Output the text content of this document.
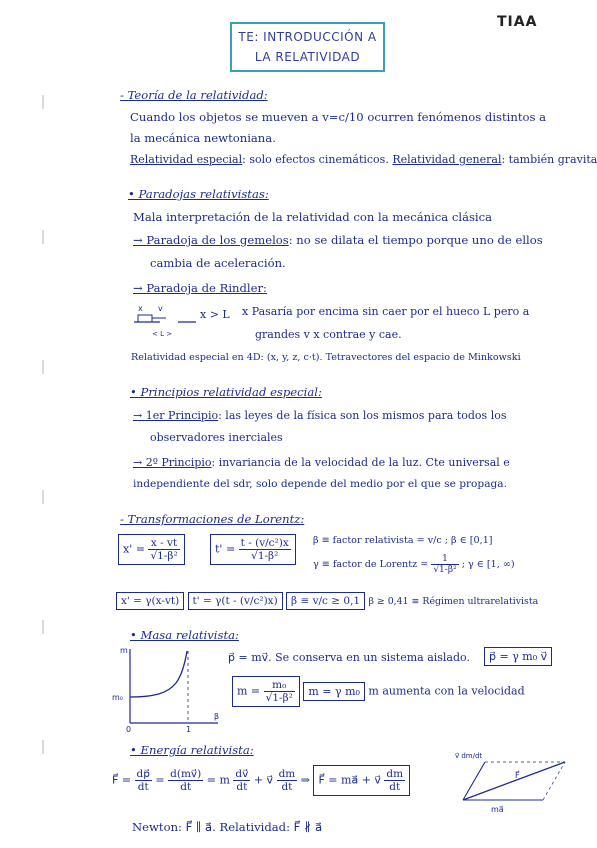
TE: INTRODUCCIÓN A
LA RELATIVIDAD
TIAA
- Teoría de la relatividad:
Cuando los objetos se mueven a v=c/10 ocurren fenómenos distintos a
la mecánica newtoniana.
Relatividad especial: solo efectos cinemáticos. Relatividad general: también gravita
• Paradojas relativistas:
Mala interpretación de la relatividad con la mecánica clásica
→ Paradoja de los gemelos: no se dilata el tiempo porque uno de ellos
cambia de aceleración.
→ Paradoja de Rindler:
x v
< L >
x > L x Pasaría por encima sin caer por el hueco L pero a
grandes v x contrae y cae.
Relatividad especial en 4D: (x, y, z, c·t). Tetravectores del espacio de Minkowski
• Principios relatividad especial:
→ 1er Principio: las leyes de la física son los mismos para todos los
observadores inerciales
→ 2º Principio: invariancia de la velocidad de la luz. Cte universal e
independiente del sdr, solo depende del medio por el que se propaga.
- Transformaciones de Lorentz:
$x' = \frac{x - vt}{\text{√1-β²}}$	$t' = \frac{\text{t - (v/c²)x}}{\text{√1-β²}}$ β ≡ factor relativista = v/c ; β ∈ [0,1]
γ ≡ factor de Lorentz = $\frac{1}{\text{√1-β²}}$ ; γ ∈ [1, ∞)
x' = γ(x-vt) t' = γ(t - (v/c²)x) β ≡ v/c ≥ 0,1 β ≥ 0,41 ≡ Régimen ultrarelativista
• Masa relativista:
m
m₀
0	1
β
p⃗ = mv⃗. Se conserva en un sistema aislado.	p⃗ = γ m₀ v⃗
$m = \frac{\text{m₀}}{\text{√1-β²}}$ m = γ m₀ m aumenta con la velocidad
• Energía relativista:
F⃗ = $\frac{dp⃗}{dt} = \frac{d(mv⃗)}{dt} = m \frac{dv⃗}{dt}$ + v⃗ $\frac{dm}{dt}$ ⇒ F⃗ = ma⃗ + v⃗ $\frac{dm}{dt}$
v⃗ dm/dt
F⃗
ma⃗
Newton: F⃗ ∥ a⃗. Relatividad: F⃗ ∦ a⃗
